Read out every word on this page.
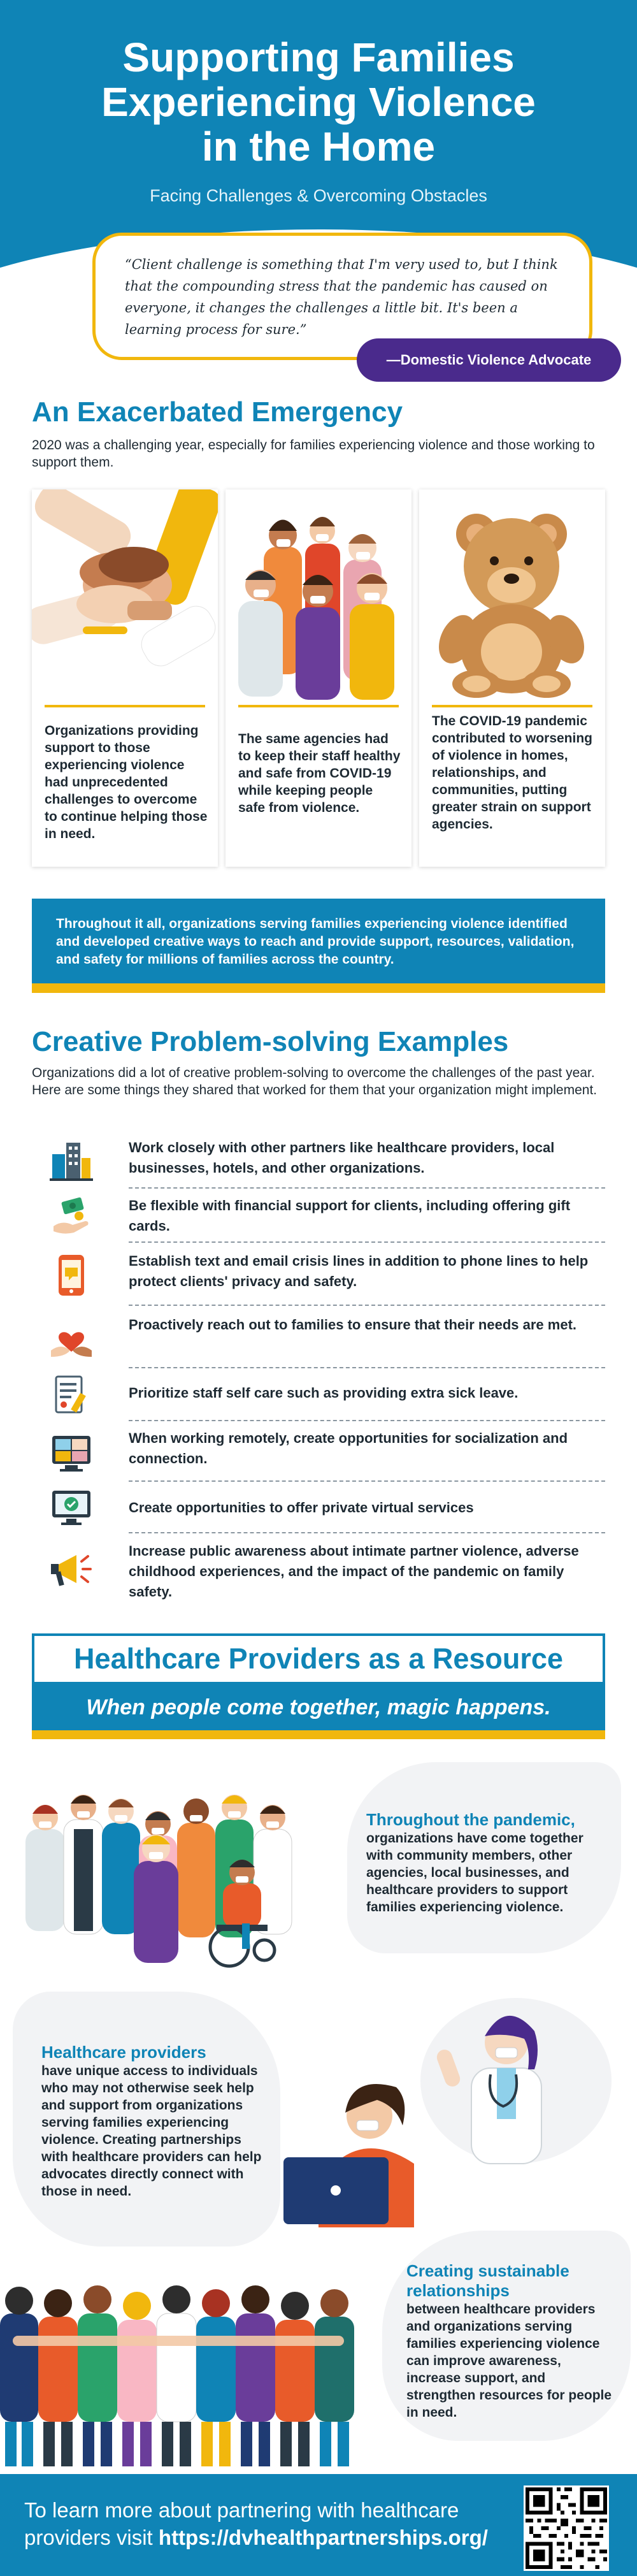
Supporting Families
Experiencing Violence
in the Home
Facing Challenges & Overcoming Obstacles
“Client challenge is something that I'm very used to, but I think that the compounding stress that the pandemic has caused on everyone, it changes the challenges a little bit. It's been a learning process for sure.”
—Domestic Violence Advocate
An Exacerbated Emergency
2020 was a challenging year, especially for families experiencing violence and those working to support them.
Organizations providing support to those experiencing violence had unprecedented challenges to overcome to continue helping those in need.
The same agencies had to keep their staff healthy and safe from COVID-19 while keeping people safe from violence.
The COVID-19 pandemic contributed to worsening of violence in homes, relationships, and communities, putting greater strain on support agencies.
Throughout it all, organizations serving families experiencing violence identified and developed creative ways to reach and provide support, resources, validation, and safety for millions of families across the country.
Creative Problem-solving Examples
Organizations did a lot of creative problem-solving to overcome the challenges of the past year. Here are some things they shared that worked for them that your organization might implement.
Work closely with other partners like healthcare providers, local businesses, hotels, and other organizations.
Be flexible with financial support for clients, including offering gift cards.
Establish text and email crisis lines in addition to phone lines to help protect clients' privacy and safety.
Proactively reach out to families to ensure that their needs are met.
Prioritize staff self care such as providing extra sick leave.
When working remotely, create opportunities for socialization and connection.
Create opportunities to offer private virtual services
Increase public awareness about intimate partner violence, adverse childhood experiences, and the impact of the pandemic on family safety.
Healthcare Providers as a Resource
When people come together, magic happens.
Throughout the pandemic,
organizations have come together with community members, other agencies, local businesses, and healthcare providers to support families experiencing violence.
Healthcare providers
have unique access to individuals who may not otherwise seek help and support from organizations serving families experiencing violence. Creating partnerships with healthcare providers can help advocates directly connect with those in need.
Creating sustainable relationships
between healthcare providers and organizations serving families experiencing violence can improve awareness, increase support, and strengthen resources for people in need.
To learn more about partnering with healthcare providers visit https://dvhealthpartnerships.org/
